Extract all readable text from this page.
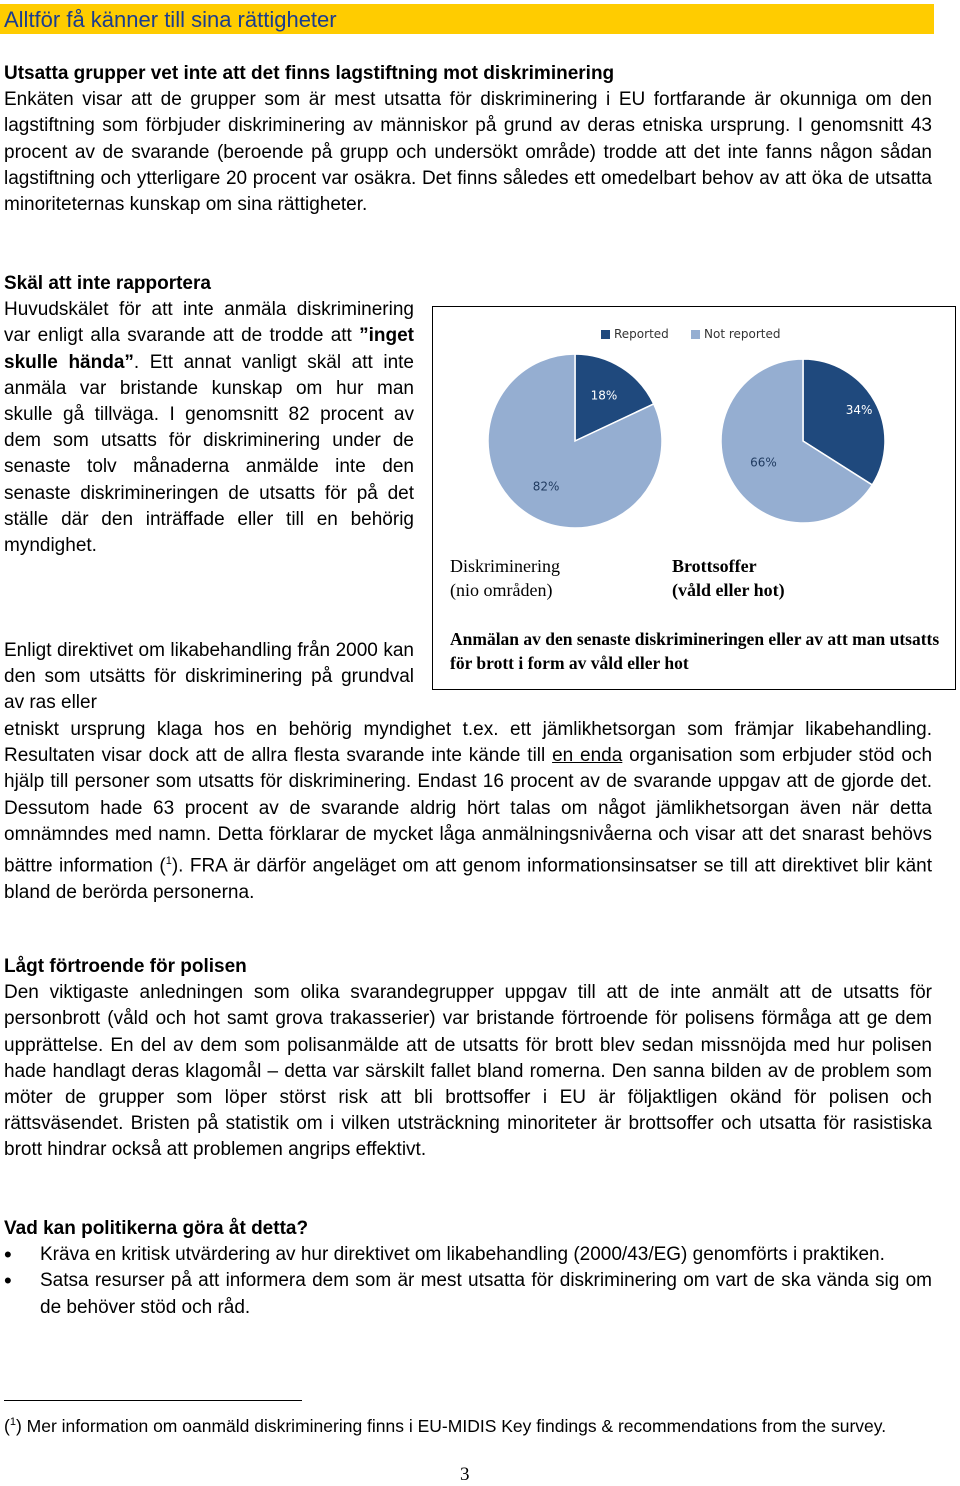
Alltför få känner till sina rättigheter

Utsatta grupper vet inte att det finns lagstiftning mot diskriminering

Enkäten visar att de grupper som är mest utsatta för diskriminering i EU fortfarande är okunniga om den lagstiftning som förbjuder diskriminering av människor på grund av deras etniska ursprung. I genomsnitt 43 procent av de svarande (beroende på grupp och undersökt område) trodde att det inte fanns någon sådan lagstiftning och ytterligare 20 procent var osäkra. Det finns således ett omedelbart behov av att öka de utsatta minoriteternas kunskap om sina rättigheter.

Skäl att inte rapportera

Huvudskälet för att inte anmäla diskriminering var enligt alla svarande att de trodde att ”inget skulle hända”. Ett annat vanligt skäl att inte anmäla var bristande kunskap om hur man skulle gå tillväga. I genomsnitt 82 procent av dem som utsatts för diskriminering under de senaste tolv månaderna anmälde inte den senaste diskrimineringen de utsatts för på det ställe där den inträffade eller till en behörig myndighet.

18%
82%
34%
66%
Reported	Not reported
Diskriminering
(nio områden)
Brottsoffer
(våld eller hot)
Anmälan av den senaste diskrimineringen eller av att man utsatts för brott i form av våld eller hot

Enligt direktivet om likabehandling från 2000 kan den som utsätts för diskriminering på grundval av ras eller

etniskt ursprung klaga hos en behörig myndighet t.ex. ett jämlikhetsorgan som främjar likabehandling. Resultaten visar dock att de allra flesta svarande inte kände till en enda organisation som erbjuder stöd och hjälp till personer som utsatts för diskriminering. Endast 16 procent av de svarande uppgav att de gjorde det. Dessutom hade 63 procent av de svarande aldrig hört talas om något jämlikhetsorgan även när detta omnämndes med namn. Detta förklarar de mycket låga anmälningsnivåerna och visar att det snarast behövs bättre information ($^1$). FRA är därför angeläget om att genom informationsinsatser se till att direktivet blir känt bland de berörda personerna.

Lågt förtroende för polisen

Den viktigaste anledningen som olika svarandegrupper uppgav till att de inte anmält att de utsatts för personbrott (våld och hot samt grova trakasserier) var bristande förtroende för polisens förmåga att ge dem upprättelse. En del av dem som polisanmälde att de utsatts för brott blev sedan missnöjda med hur polisen hade handlagt deras klagomål – detta var särskilt fallet bland romerna. Den sanna bilden av de problem som möter de grupper som löper störst risk att bli brottsoffer i EU är följaktligen okänd för polisen och rättsväsendet. Bristen på statistik om i vilken utsträckning minoriteter är brottsoffer och utsatta för rasistiska brott hindrar också att problemen angrips effektivt.

Vad kan politikerna göra åt detta?

• Kräva en kritisk utvärdering av hur direktivet om likabehandling (2000/43/EG) genomförts i praktiken.
• Satsa resurser på att informera dem som är mest utsatta för diskriminering om vart de ska vända sig om de behöver stöd och råd.
($^1$) Mer information om oanmäld diskriminering finns i EU-MIDIS Key findings & recommendations from the survey.
3
